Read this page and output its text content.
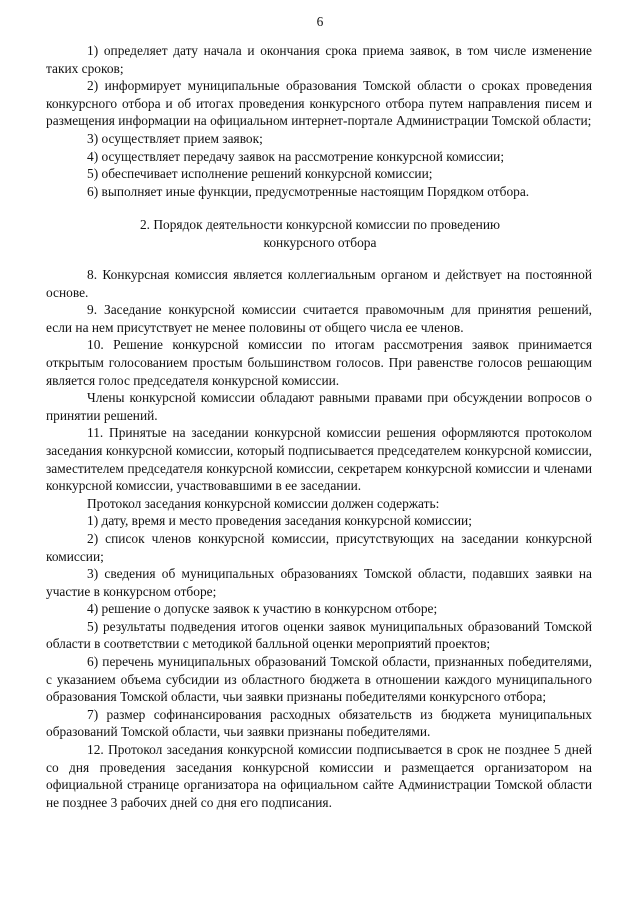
6

1) определяет дату начала и окончания срока приема заявок, в том числе изменение таких сроков;

2) информирует муниципальные образования Томской области о сроках проведения конкурсного отбора и об итогах проведения конкурсного отбора путем направления писем и размещения информации на официальном интернет-портале Администрации Томской области;

3) осуществляет прием заявок;

4) осуществляет передачу заявок на рассмотрение конкурсной комиссии;

5) обеспечивает исполнение решений конкурсной комиссии;

6) выполняет иные функции, предусмотренные настоящим Порядком отбора.

2. Порядок деятельности конкурсной комиссии по проведению
конкурсного отбора

8. Конкурсная комиссия является коллегиальным органом и действует на постоянной основе.

9. Заседание конкурсной комиссии считается правомочным для принятия решений, если на нем присутствует не менее половины от общего числа ее членов.

10. Решение конкурсной комиссии по итогам рассмотрения заявок принимается открытым голосованием простым большинством голосов. При равенстве голосов решающим является голос председателя конкурсной комиссии.

Члены конкурсной комиссии обладают равными правами при обсуждении вопросов о принятии решений.

11. Принятые на заседании конкурсной комиссии решения оформляются протоколом заседания конкурсной комиссии, который подписывается председателем конкурсной комиссии, заместителем председателя конкурсной комиссии, секретарем конкурсной комиссии и членами конкурсной комиссии, участвовавшими в ее заседании.

Протокол заседания конкурсной комиссии должен содержать:

1) дату, время и место проведения заседания конкурсной комиссии;

2) список членов конкурсной комиссии, присутствующих на заседании конкурсной комиссии;

3) сведения об муниципальных образованиях Томской области, подавших заявки на участие в конкурсном отборе;

4) решение о допуске заявок к участию в конкурсном отборе;

5) результаты подведения итогов оценки заявок муниципальных образований Томской области в соответствии с методикой балльной оценки мероприятий проектов;

6) перечень муниципальных образований Томской области, признанных победителями, с указанием объема субсидии из областного бюджета в отношении каждого муниципального образования Томской области, чьи заявки признаны победителями конкурсного отбора;

7) размер софинансирования расходных обязательств из бюджета муниципальных образований Томской области, чьи заявки признаны победителями.

12. Протокол заседания конкурсной комиссии подписывается в срок не позднее 5 дней со дня проведения заседания конкурсной комиссии и размещается организатором на официальной странице организатора на официальном сайте Администрации Томской области не позднее 3 рабочих дней со дня его подписания.
